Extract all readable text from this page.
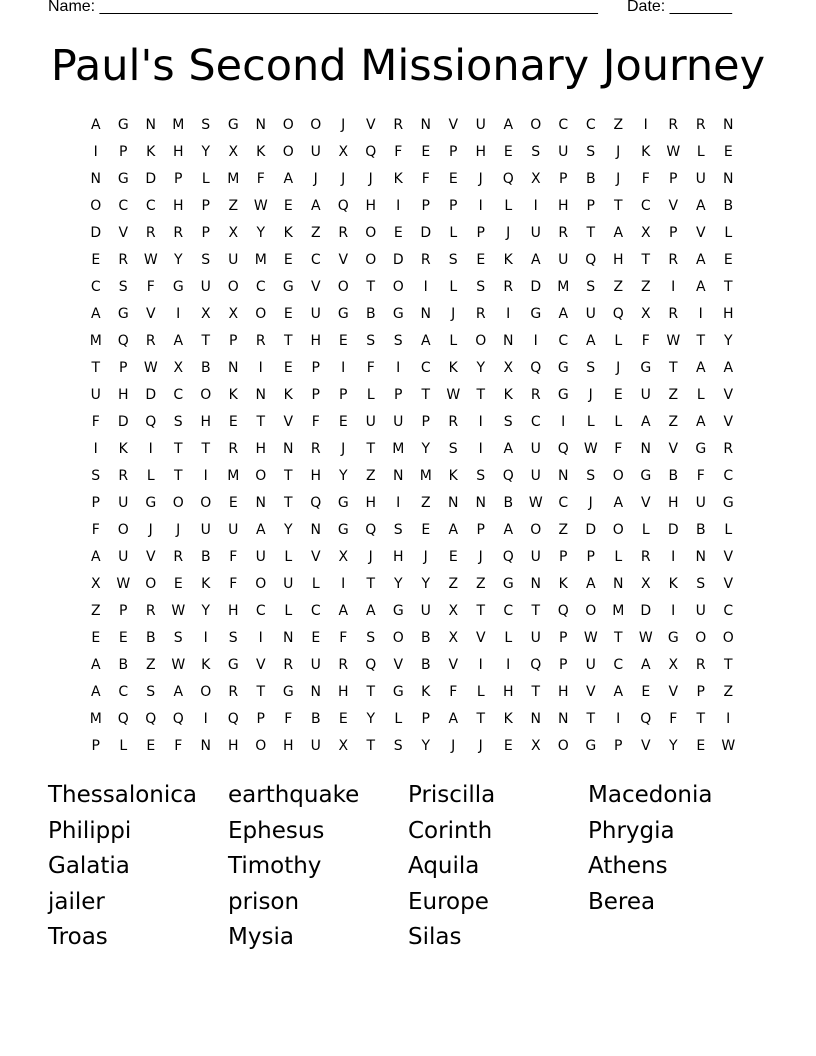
Name: ________________________________________________________ Date: _______
Paul's Second Missionary Journey
A	G	N	M	S	G	N	O	O	J	V	R	N	V	U	A	O	C	C	Z	I	R	R	N
I	P	K	H	Y	X	K	O	U	X	Q	F	E	P	H	E	S	U	S	J	K	W	L	E
N	G	D	P	L	M	F	A	J	J	J	K	F	E	J	Q	X	P	B	J	F	P	U	N
O	C	C	H	P	Z	W	E	A	Q	H	I	P	P	I	L	I	H	P	T	C	V	A	B
D	V	R	R	P	X	Y	K	Z	R	O	E	D	L	P	J	U	R	T	A	X	P	V	L
E	R	W	Y	S	U	M	E	C	V	O	D	R	S	E	K	A	U	Q	H	T	R	A	E
C	S	F	G	U	O	C	G	V	O	T	O	I	L	S	R	D	M	S	Z	Z	I	A	T
A	G	V	I	X	X	O	E	U	G	B	G	N	J	R	I	G	A	U	Q	X	R	I	H
M	Q	R	A	T	P	R	T	H	E	S	S	A	L	O	N	I	C	A	L	F	W	T	Y
T	P	W	X	B	N	I	E	P	I	F	I	C	K	Y	X	Q	G	S	J	G	T	A	A
U	H	D	C	O	K	N	K	P	P	L	P	T	W	T	K	R	G	J	E	U	Z	L	V
F	D	Q	S	H	E	T	V	F	E	U	U	P	R	I	S	C	I	L	L	A	Z	A	V
I	K	I	T	T	R	H	N	R	J	T	M	Y	S	I	A	U	Q	W	F	N	V	G	R
S	R	L	T	I	M	O	T	H	Y	Z	N	M	K	S	Q	U	N	S	O	G	B	F	C
P	U	G	O	O	E	N	T	Q	G	H	I	Z	N	N	B	W	C	J	A	V	H	U	G
F	O	J	J	U	U	A	Y	N	G	Q	S	E	A	P	A	O	Z	D	O	L	D	B	L
A	U	V	R	B	F	U	L	V	X	J	H	J	E	J	Q	U	P	P	L	R	I	N	V
X	W	O	E	K	F	O	U	L	I	T	Y	Y	Z	Z	G	N	K	A	N	X	K	S	V
Z	P	R	W	Y	H	C	L	C	A	A	G	U	X	T	C	T	Q	O	M	D	I	U	C
E	E	B	S	I	S	I	N	E	F	S	O	B	X	V	L	U	P	W	T	W	G	O	O
A	B	Z	W	K	G	V	R	U	R	Q	V	B	V	I	I	Q	P	U	C	A	X	R	T
A	C	S	A	O	R	T	G	N	H	T	G	K	F	L	H	T	H	V	A	E	V	P	Z
M	Q	Q	Q	I	Q	P	F	B	E	Y	L	P	A	T	K	N	N	T	I	Q	F	T	I
P	L	E	F	N	H	O	H	U	X	T	S	Y	J	J	E	X	O	G	P	V	Y	E	W
Thessalonica	earthquake	Priscilla	Macedonia
Philippi	Ephesus	Corinth	Phrygia
Galatia	Timothy	Aquila	Athens
jailer	prison	Europe	Berea
Troas	Mysia	Silas
